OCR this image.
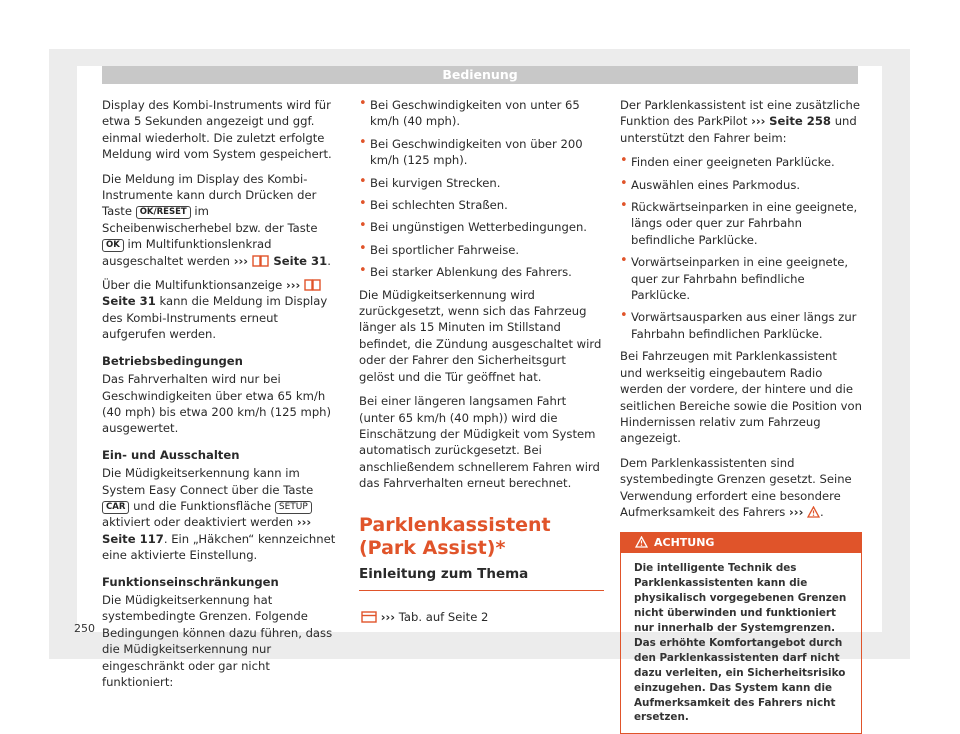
Bedienung

Display des Kombi-Instruments wird für etwa 5 Sekunden angezeigt und ggf. einmal wiederholt. Die zuletzt erfolgte Meldung wird vom System gespeichert.

Die Meldung im Display des Kombi-Instrumente kann durch Drücken der Taste OK/RESET im Scheibenwischerhebel bzw. der Taste OK im Multifunktionslenkrad ausgeschaltet werden ››› Seite 31.

Über die Multifunktionsanzeige ›››  Seite 31 kann die Meldung im Display des Kombi-Instruments erneut aufgerufen werden.

Betriebsbedingungen

Das Fahrverhalten wird nur bei Geschwindigkeiten über etwa 65 km/h (40 mph) bis etwa 200 km/h (125 mph) ausgewertet.

Ein- und Ausschalten

Die Müdigkeitserkennung kann im System Easy Connect über die Taste CAR und die Funktionsfläche SETUP aktiviert oder deaktiviert werden ››› Seite 117. Ein „Häkchen“ kennzeichnet eine aktivierte Einstellung.

Funktionseinschränkungen

Die Müdigkeitserkennung hat systembedingte Grenzen. Folgende Bedingungen können dazu führen, dass die Müdigkeitserkennung nur eingeschränkt oder gar nicht funktioniert:

• Bei Geschwindigkeiten von unter 65 km/h (40 mph).
• Bei Geschwindigkeiten von über 200 km/h (125 mph).
• Bei kurvigen Strecken.
• Bei schlechten Straßen.
• Bei ungünstigen Wetterbedingungen.
• Bei sportlicher Fahrweise.
• Bei starker Ablenkung des Fahrers.

Die Müdigkeitserkennung wird zurückgesetzt, wenn sich das Fahrzeug länger als 15 Minuten im Stillstand befindet, die Zündung ausgeschaltet wird oder der Fahrer den Sicherheitsgurt gelöst und die Tür geöffnet hat.

Bei einer längeren langsamen Fahrt (unter 65 km/h (40 mph)) wird die Einschätzung der Müdigkeit vom System automatisch zurückgesetzt. Bei anschließendem schnellerem Fahren wird das Fahrverhalten erneut berechnet.

Parklenkassistent (Park Assist)*
Einleitung zum Thema
››› Tab. auf Seite 2

Der Parklenkassistent ist eine zusätzliche Funktion des ParkPilot ››› Seite 258 und unterstützt den Fahrer beim:

• Finden einer geeigneten Parklücke.
• Auswählen eines Parkmodus.
• Rückwärtseinparken in eine geeignete, längs oder quer zur Fahrbahn befindliche Parklücke.
• Vorwärtseinparken in eine geeignete, quer zur Fahrbahn befindliche Parklücke.
• Vorwärtsausparken aus einer längs zur Fahrbahn befindlichen Parklücke.

Bei Fahrzeugen mit Parklenkassistent und werkseitig eingebautem Radio werden der vordere, der hintere und die seitlichen Bereiche sowie die Position von Hindernissen relativ zum Fahrzeug angezeigt.

Dem Parklenkassistenten sind systembedingte Grenzen gesetzt. Seine Verwendung erfordert eine besondere Aufmerksamkeit des Fahrers ››› .

ACHTUNG
Die intelligente Technik des Parklenkassistenten kann die physikalisch vorgegebenen Grenzen nicht überwinden und funktioniert nur innerhalb der Systemgrenzen. Das erhöhte Komfortangebot durch den Parklenkassistenten darf nicht dazu verleiten, ein Sicherheitsrisiko einzugehen. Das System kann die Aufmerksamkeit des Fahrers nicht ersetzen.
250
